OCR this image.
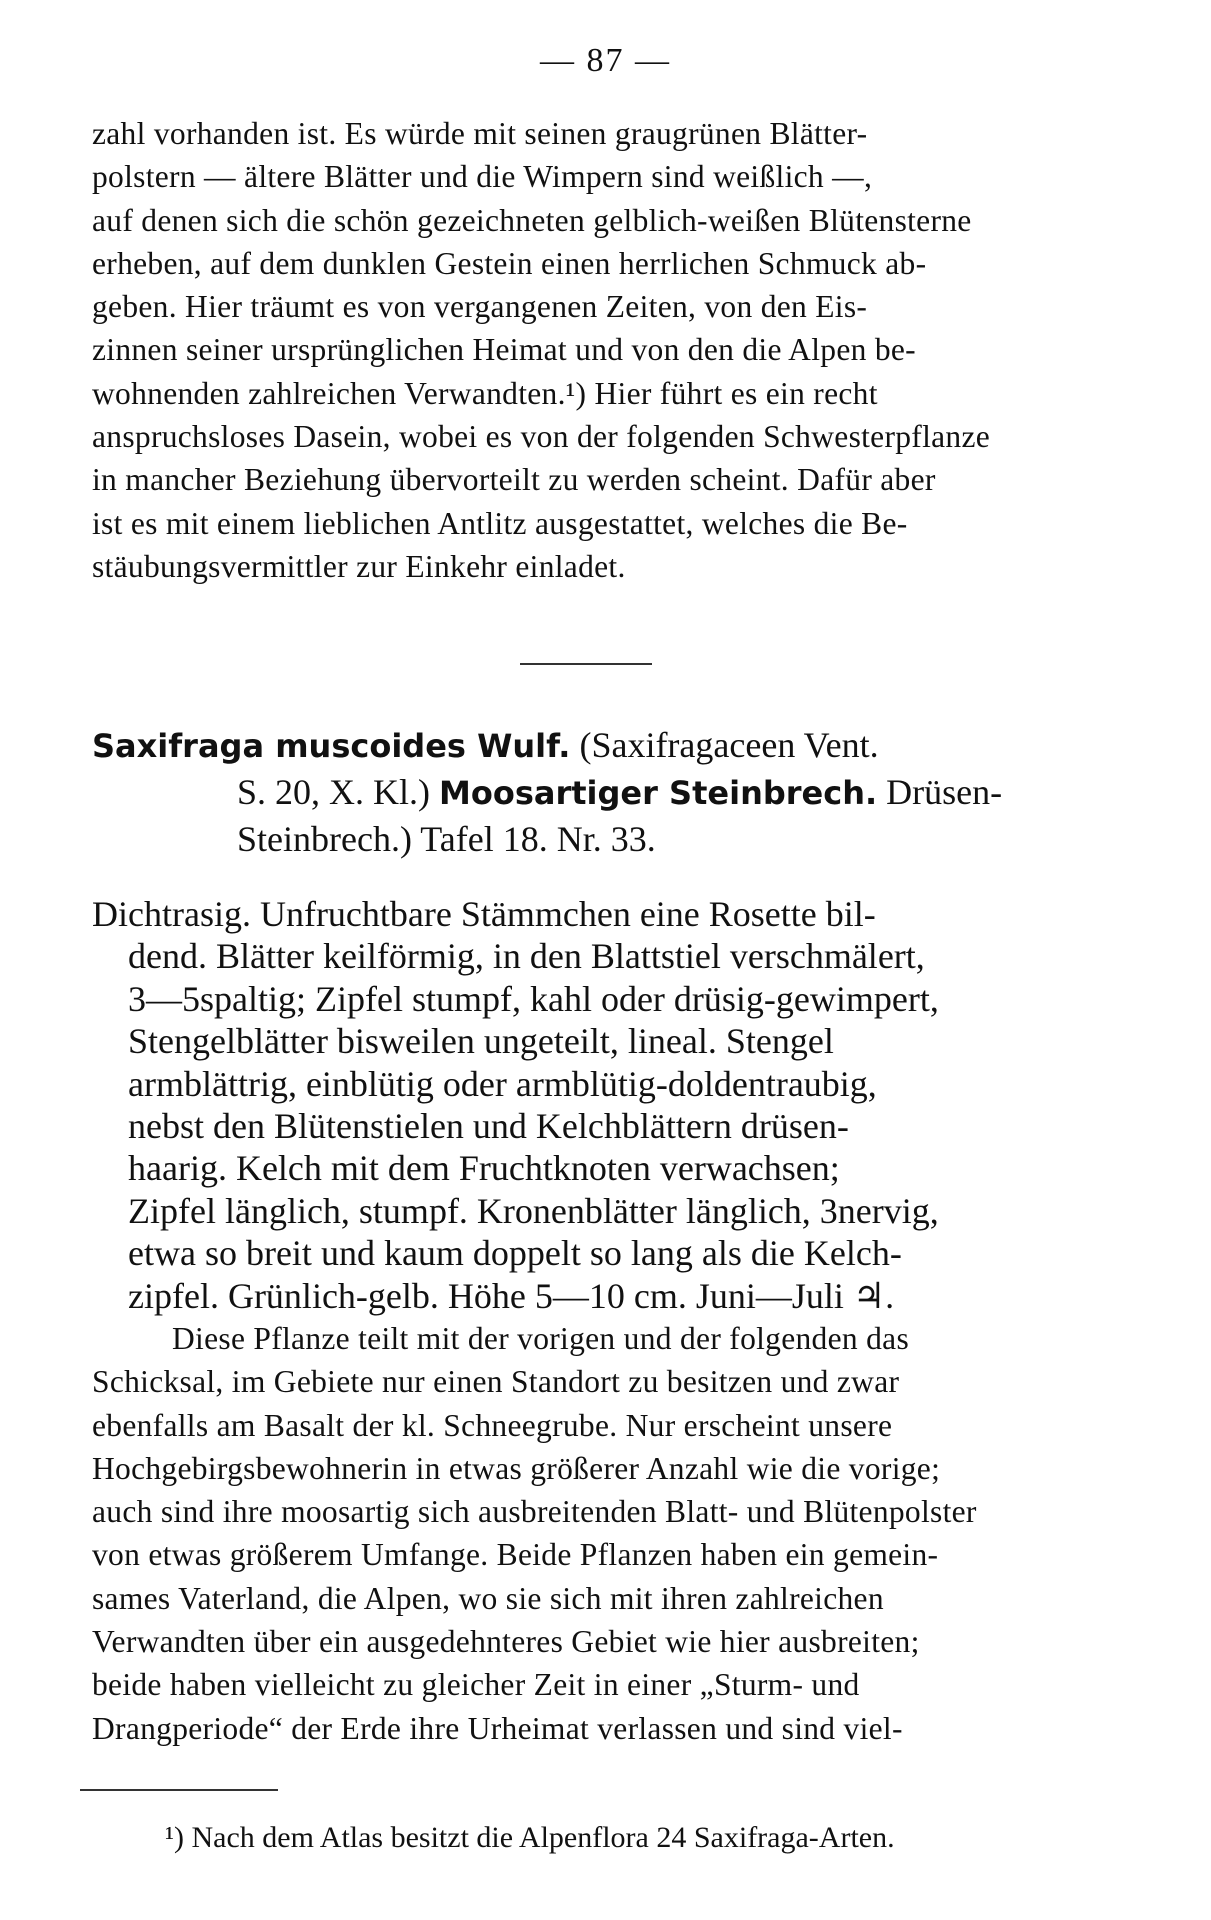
— 87 —
zahl vorhanden ist. Es würde mit seinen graugrünen Blätter-
polstern — ältere Blätter und die Wimpern sind weißlich —,
auf denen sich die schön gezeichneten gelblich-weißen Blütensterne
erheben, auf dem dunklen Gestein einen herrlichen Schmuck ab-
geben. Hier träumt es von vergangenen Zeiten, von den Eis-
zinnen seiner ursprünglichen Heimat und von den die Alpen be-
wohnenden zahlreichen Verwandten.¹) Hier führt es ein recht
anspruchsloses Dasein, wobei es von der folgenden Schwesterpflanze
in mancher Beziehung übervorteilt zu werden scheint. Dafür aber
ist es mit einem lieblichen Antlitz ausgestattet, welches die Be-
stäubungsvermittler zur Einkehr einladet.
Saxifraga muscoides Wulf. (Saxifragaceen Vent.
S. 20, X. Kl.) Moosartiger Steinbrech. Drüsen-
Steinbrech.) Tafel 18. Nr. 33.
Dichtrasig. Unfruchtbare Stämmchen eine Rosette bil-
dend. Blätter keilförmig, in den Blattstiel verschmälert,
3—5spaltig; Zipfel stumpf, kahl oder drüsig-gewimpert,
Stengelblätter bisweilen ungeteilt, lineal. Stengel
armblättrig, einblütig oder armblütig-doldentraubig,
nebst den Blütenstielen und Kelchblättern drüsen-
haarig. Kelch mit dem Fruchtknoten verwachsen;
Zipfel länglich, stumpf. Kronenblätter länglich, 3nervig,
etwa so breit und kaum doppelt so lang als die Kelch-
zipfel. Grünlich-gelb. Höhe 5—10 cm. Juni—Juli ♃.
Diese Pflanze teilt mit der vorigen und der folgenden das
Schicksal, im Gebiete nur einen Standort zu besitzen und zwar
ebenfalls am Basalt der kl. Schneegrube. Nur erscheint unsere
Hochgebirgsbewohnerin in etwas größerer Anzahl wie die vorige;
auch sind ihre moosartig sich ausbreitenden Blatt- und Blütenpolster
von etwas größerem Umfange. Beide Pflanzen haben ein gemein-
sames Vaterland, die Alpen, wo sie sich mit ihren zahlreichen
Verwandten über ein ausgedehnteres Gebiet wie hier ausbreiten;
beide haben vielleicht zu gleicher Zeit in einer „Sturm- und
Drangperiode“ der Erde ihre Urheimat verlassen und sind viel-
¹) Nach dem Atlas besitzt die Alpenflora 24 Saxifraga-Arten.
